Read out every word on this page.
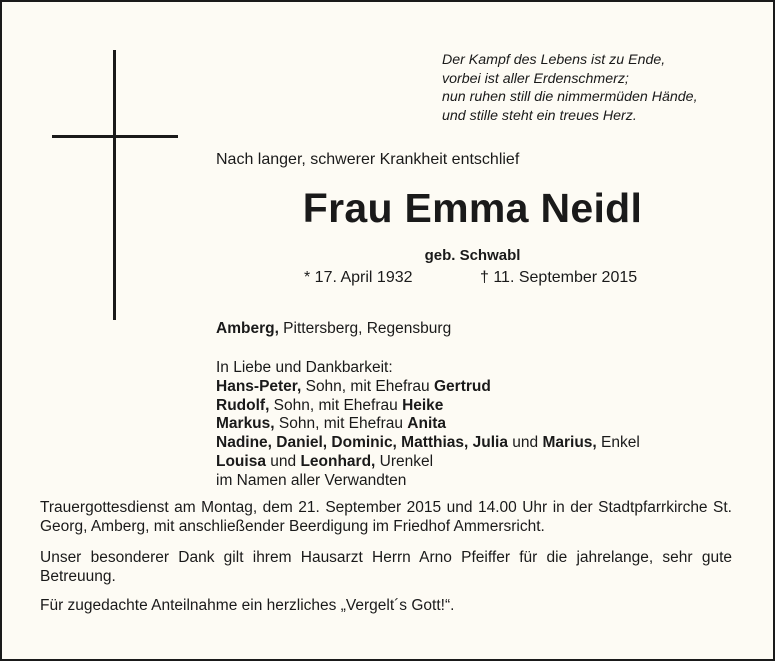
Der Kampf des Lebens ist zu Ende,
vorbei ist aller Erdenschmerz;
nun ruhen still die nimmermüden Hände,
und stille steht ein treues Herz.
Nach langer, schwerer Krankheit entschlief
Frau Emma Neidl
geb. Schwabl
* 17. April 1932	† 11. September 2015
Amberg, Pittersberg, Regensburg
In Liebe und Dankbarkeit:
Hans-Peter, Sohn, mit Ehefrau Gertrud
Rudolf, Sohn, mit Ehefrau Heike
Markus, Sohn, mit Ehefrau Anita
Nadine, Daniel, Dominic, Matthias, Julia und Marius, Enkel
Louisa und Leonhard, Urenkel
im Namen aller Verwandten
Trauergottesdienst am Montag, dem 21. September 2015 und 14.00 Uhr in der Stadtpfarrkirche St. Georg, Amberg, mit anschließender Beerdigung im Friedhof Ammersricht.
Unser besonderer Dank gilt ihrem Hausarzt Herrn Arno Pfeiffer für die jahrelange, sehr gute Betreuung.
Für zugedachte Anteilnahme ein herzliches „Vergelt´s Gott!“.
